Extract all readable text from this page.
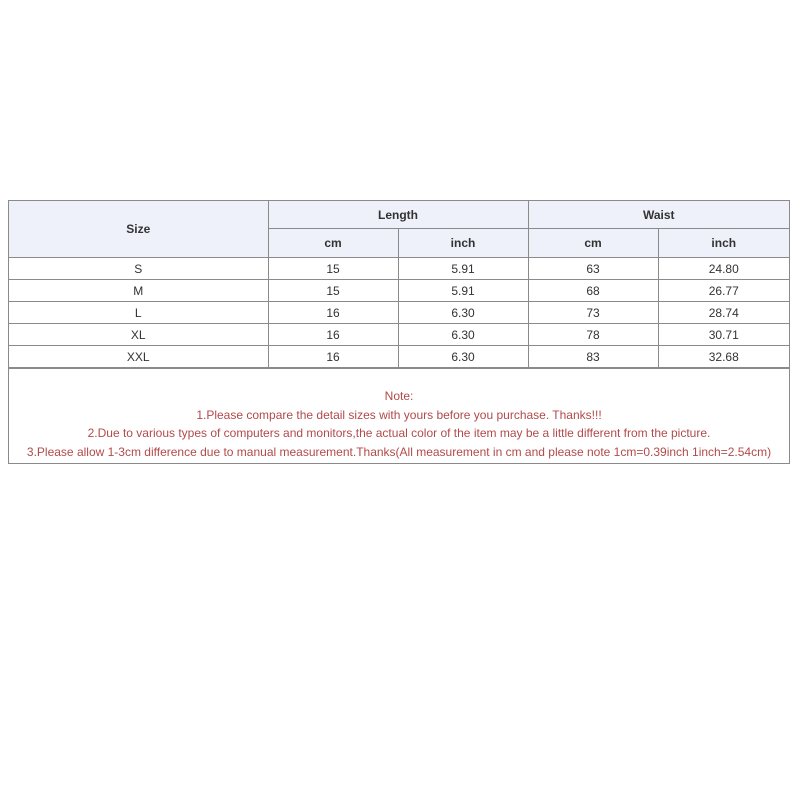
Size	Length		Waist	
	cm	inch	cm	inch
S	15	5.91	63	24.80
M	15	5.91	68	26.77
L	16	6.30	73	28.74
XL	16	6.30	78	30.71
XXL	16	6.30	83	32.68
Note:
1.Please compare the detail sizes with yours before you purchase. Thanks!!!
2.Due to various types of computers and monitors,the actual color of the item may be a little different from the picture.
3.Please allow 1-3cm difference due to manual measurement.Thanks(All measurement in cm and please note 1cm=0.39inch 1inch=2.54cm)
